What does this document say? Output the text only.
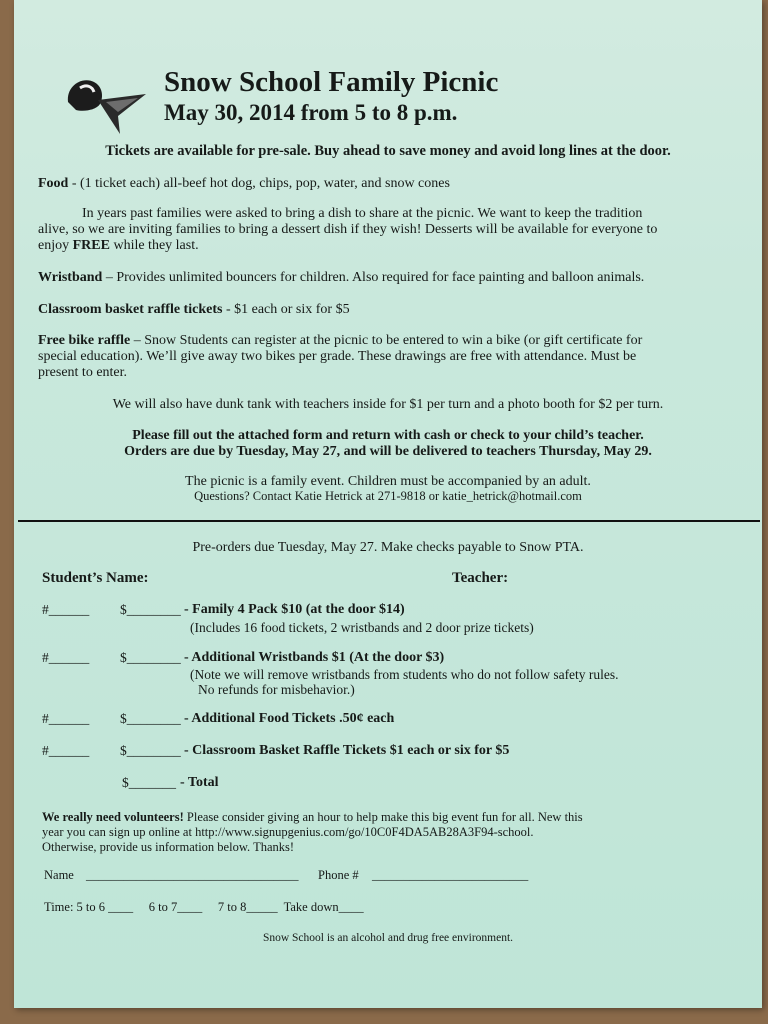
Snow School Family Picnic
May 30, 2014 from 5 to 8 p.m.
Tickets are available for pre-sale. Buy ahead to save money and avoid long lines at the door.
Food - (1 ticket each) all-beef hot dog, chips, pop, water, and snow cones
In years past families were asked to bring a dish to share at the picnic. We want to keep the tradition
alive, so we are inviting families to bring a dessert dish if they wish! Desserts will be available for everyone to
enjoy FREE while they last.
Wristband – Provides unlimited bouncers for children. Also required for face painting and balloon animals.
Classroom basket raffle tickets - $1 each or six for $5
Free bike raffle – Snow Students can register at the picnic to be entered to win a bike (or gift certificate for
special education). We’ll give away two bikes per grade. These drawings are free with attendance. Must be
present to enter.
We will also have dunk tank with teachers inside for $1 per turn and a photo booth for $2 per turn.
Please fill out the attached form and return with cash or check to your child’s teacher.
Orders are due by Tuesday, May 27, and will be delivered to teachers Thursday, May 29.
The picnic is a family event. Children must be accompanied by an adult.
Questions? Contact Katie Hetrick at 271-9818 or katie_hetrick@hotmail.com
Pre-orders due Tuesday, May 27. Make checks payable to Snow PTA.
Student’s Name:	Teacher:
#______ $________ - Family 4 Pack $10 (at the door $14)
(Includes 16 food tickets, 2 wristbands and 2 door prize tickets)
#______ $________ - Additional Wristbands $1 (At the door $3)
(Note we will remove wristbands from students who do not follow safety rules.
No refunds for misbehavior.)
#______ $________ - Additional Food Tickets .50¢ each
#______ $________ - Classroom Basket Raffle Tickets $1 each or six for $5
$_______ - Total
We really need volunteers! Please consider giving an hour to help make this big event fun for all. New this
year you can sign up online at http://www.signupgenius.com/go/10C0F4DA5AB28A3F94-school.
Otherwise, provide us information below. Thanks!
Name __________________________________ Phone # _________________________
Time: 5 to 6 ____     6 to 7____     7 to 8_____  Take down____
Snow School is an alcohol and drug free environment.
